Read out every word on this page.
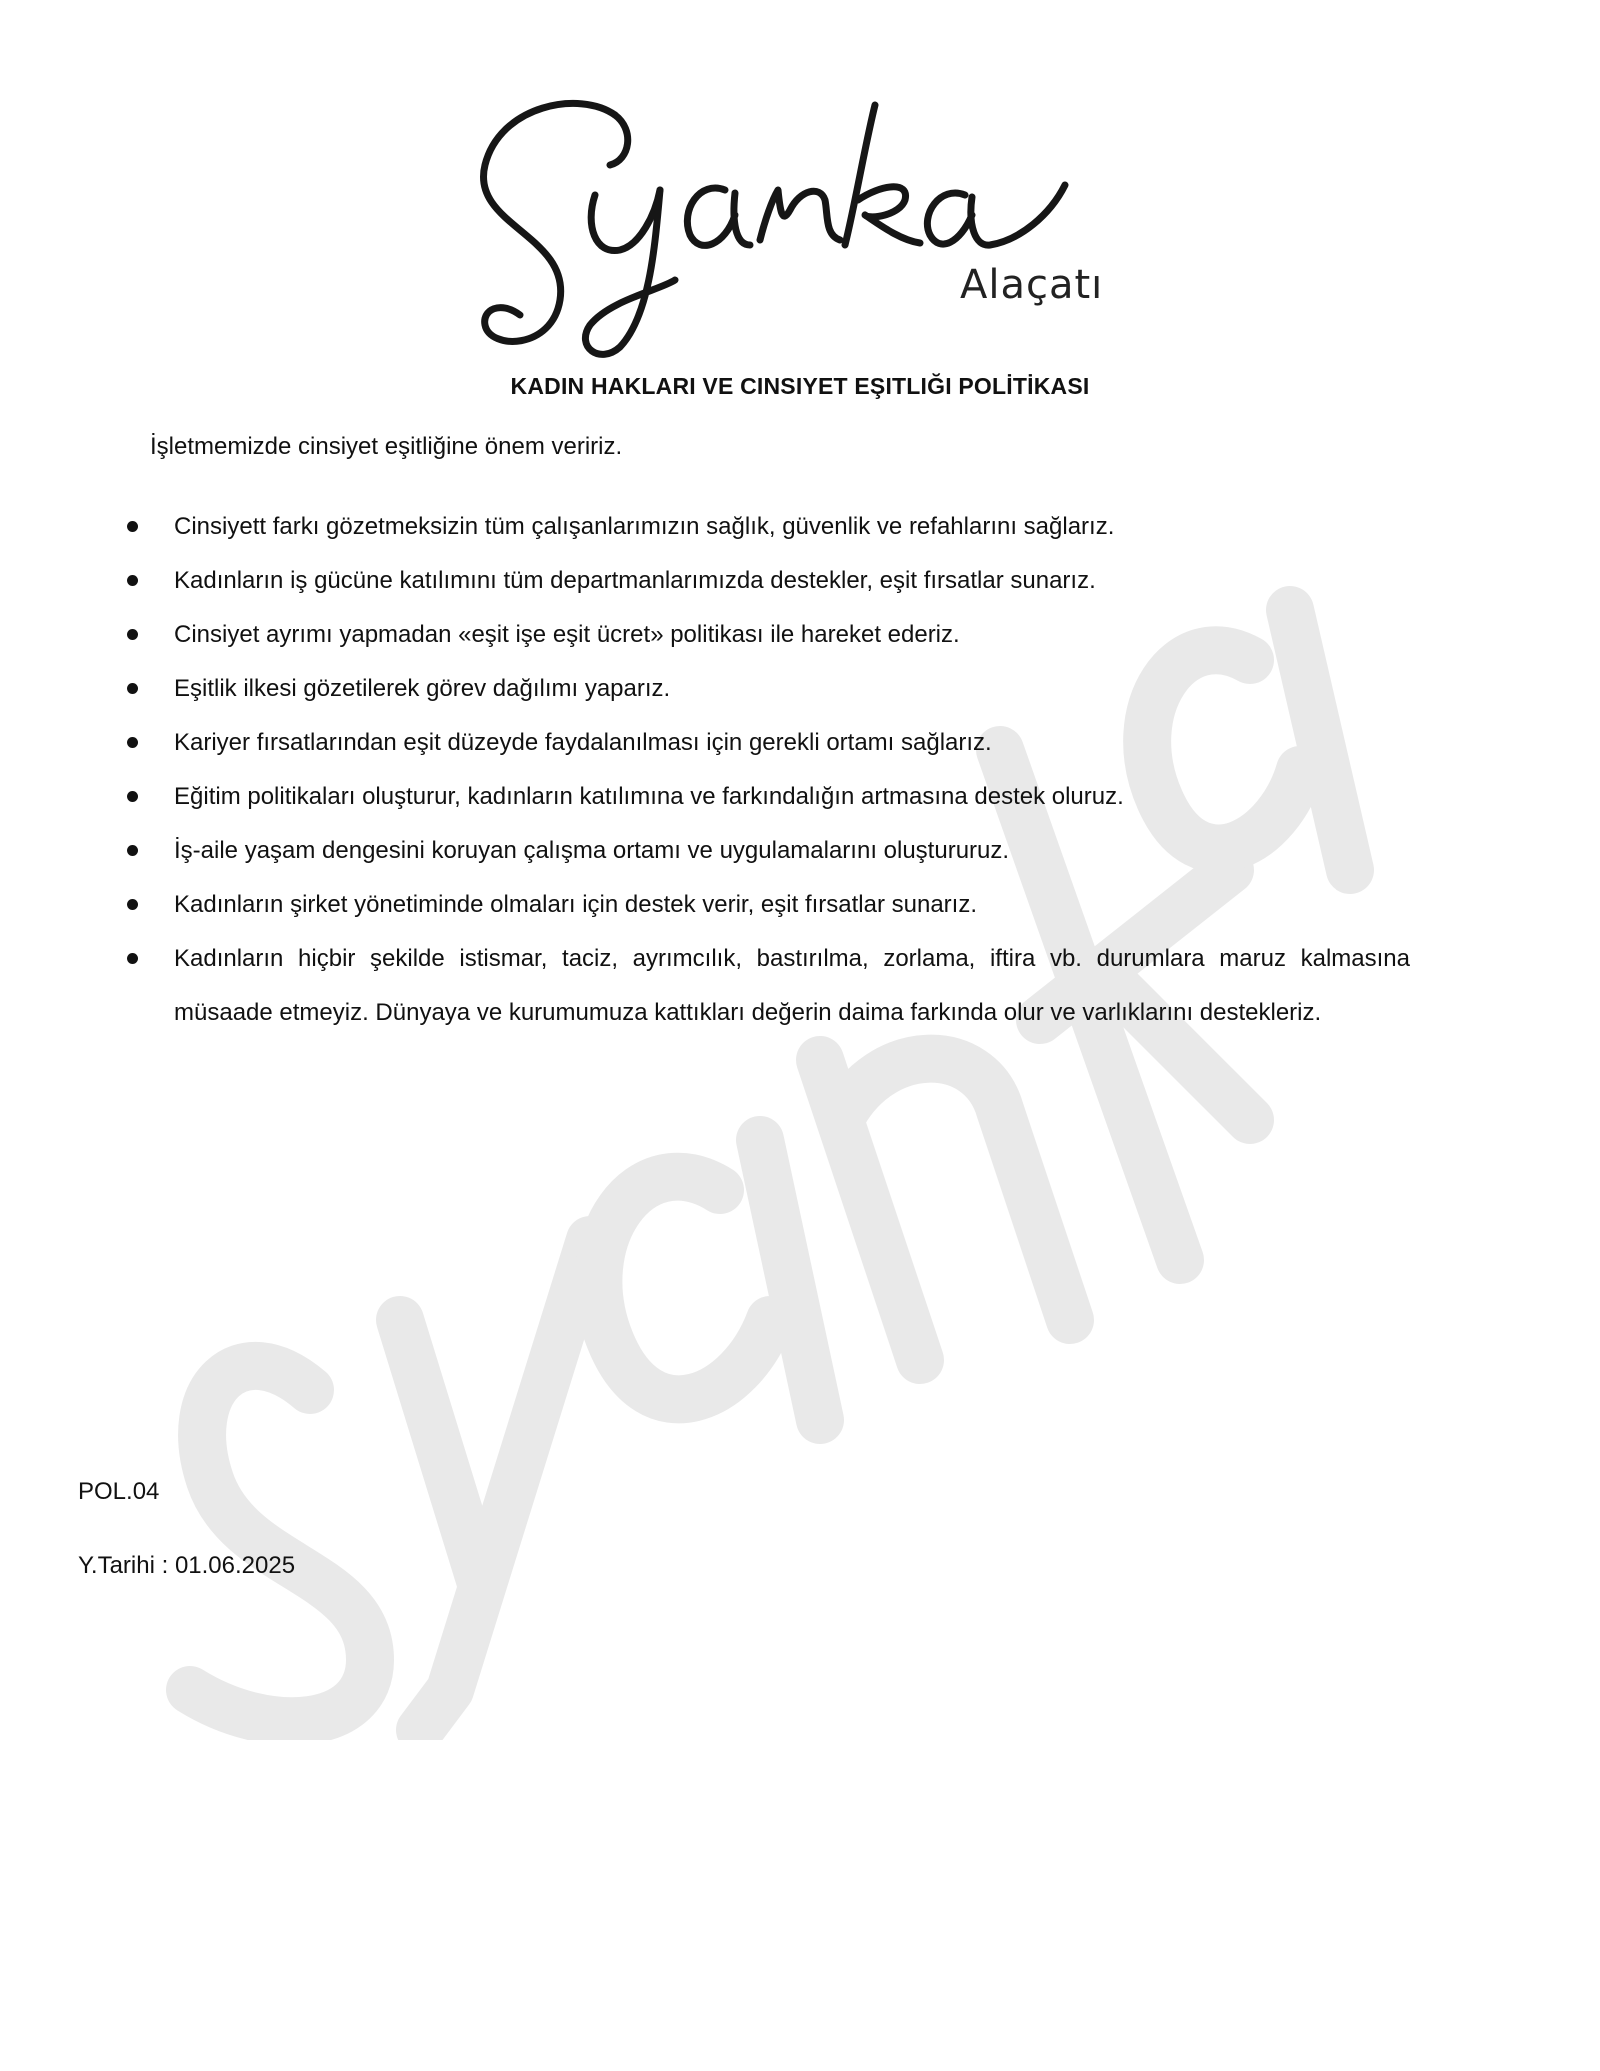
Alaçatı
KADIN HAKLARI VE CINSIYET EŞITLIĞI POLİTİKASI
İşletmemizde cinsiyet eşitliğine önem veririz.
Cinsiyett farkı gözetmeksizin tüm çalışanlarımızın sağlık, güvenlik ve refahlarını sağlarız.
Kadınların iş gücüne katılımını tüm departmanlarımızda destekler, eşit fırsatlar sunarız.
Cinsiyet ayrımı yapmadan «eşit işe eşit ücret» politikası ile hareket ederiz.
Eşitlik ilkesi gözetilerek görev dağılımı yaparız.
Kariyer fırsatlarından eşit düzeyde faydalanılması için gerekli ortamı sağlarız.
Eğitim politikaları oluşturur, kadınların katılımına ve farkındalığın artmasına destek oluruz.
İş-aile yaşam dengesini koruyan çalışma ortamı ve uygulamalarını oluştururuz.
Kadınların şirket yönetiminde olmaları için destek verir, eşit fırsatlar sunarız.
Kadınların hiçbir şekilde istismar, taciz, ayrımcılık, bastırılma, zorlama, iftira vb. durumlara maruz kalmasına müsaade etmeyiz. Dünyaya ve kurumumuza kattıkları değerin daima farkında olur ve varlıklarını destekleriz.
POL.04
Y.Tarihi : 01.06.2025
